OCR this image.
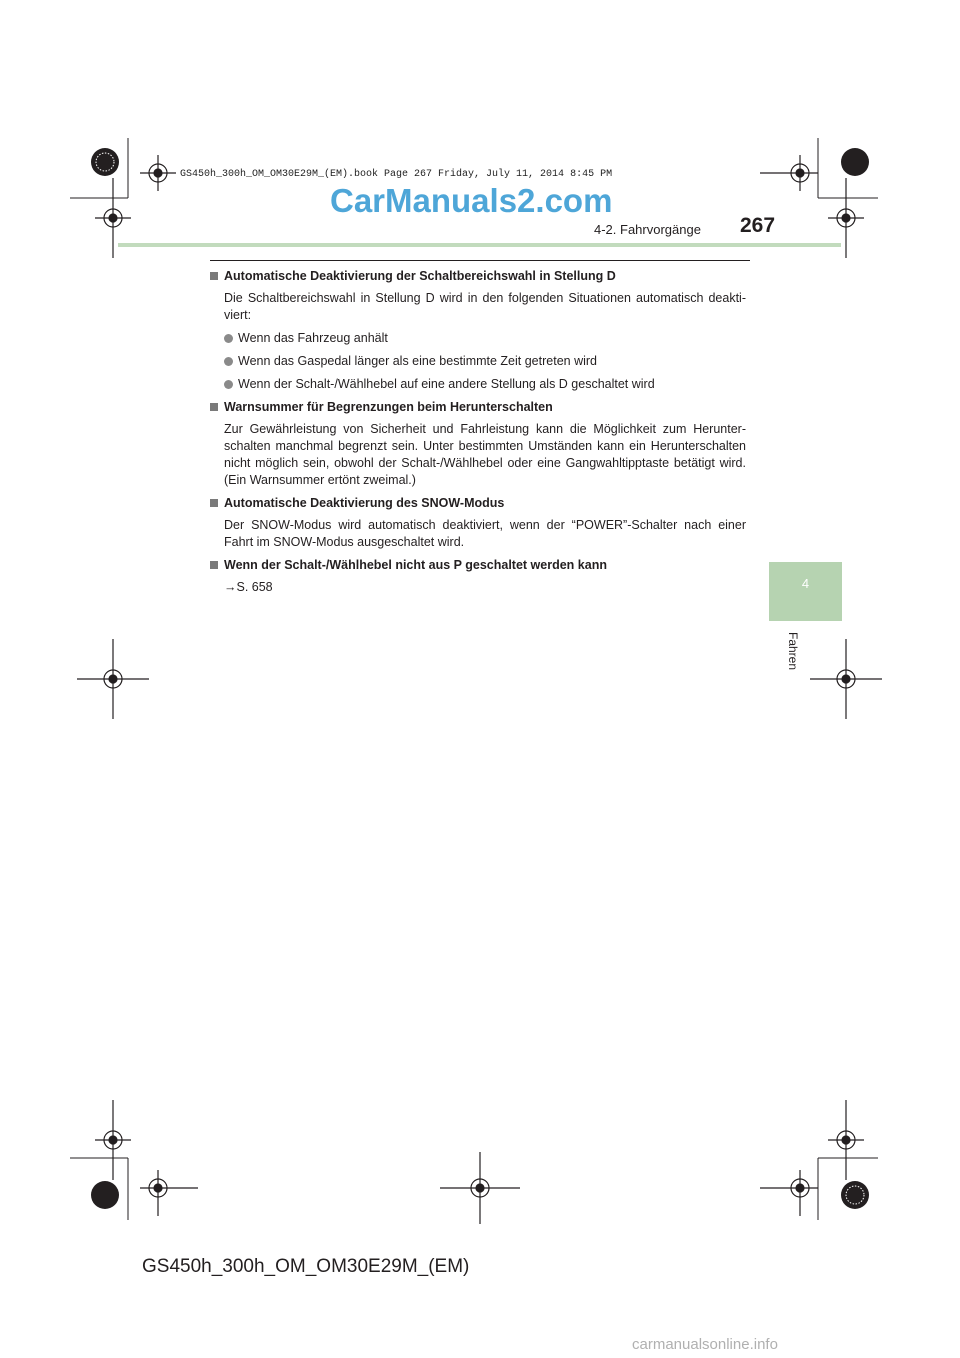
GS450h_300h_OM_OM30E29M_(EM).book Page 267 Friday, July 11, 2014 8:45 PM
CarManuals2.com
4-2. Fahrvorgänge 267
4
Fahren
Automatische Deaktivierung der Schaltbereichswahl in Stellung D
Die Schaltbereichswahl in Stellung D wird in den folgenden Situationen automatisch deakti-viert:
Wenn das Fahrzeug anhält
Wenn das Gaspedal länger als eine bestimmte Zeit getreten wird
Wenn der Schalt-/Wählhebel auf eine andere Stellung als D geschaltet wird
Warnsummer für Begrenzungen beim Herunterschalten
Zur Gewährleistung von Sicherheit und Fahrleistung kann die Möglichkeit zum Herunter-schalten manchmal begrenzt sein. Unter bestimmten Umständen kann ein Herunterschalten nicht möglich sein, obwohl der Schalt-/Wählhebel oder eine Gangwahltipptaste betätigt wird. (Ein Warnsummer ertönt zweimal.)
Automatische Deaktivierung des SNOW-Modus
Der SNOW-Modus wird automatisch deaktiviert, wenn der “POWER”-Schalter nach einer Fahrt im SNOW-Modus ausgeschaltet wird.
Wenn der Schalt-/Wählhebel nicht aus P geschaltet werden kann
→S. 658
GS450h_300h_OM_OM30E29M_(EM)
carmanualsonline.info
